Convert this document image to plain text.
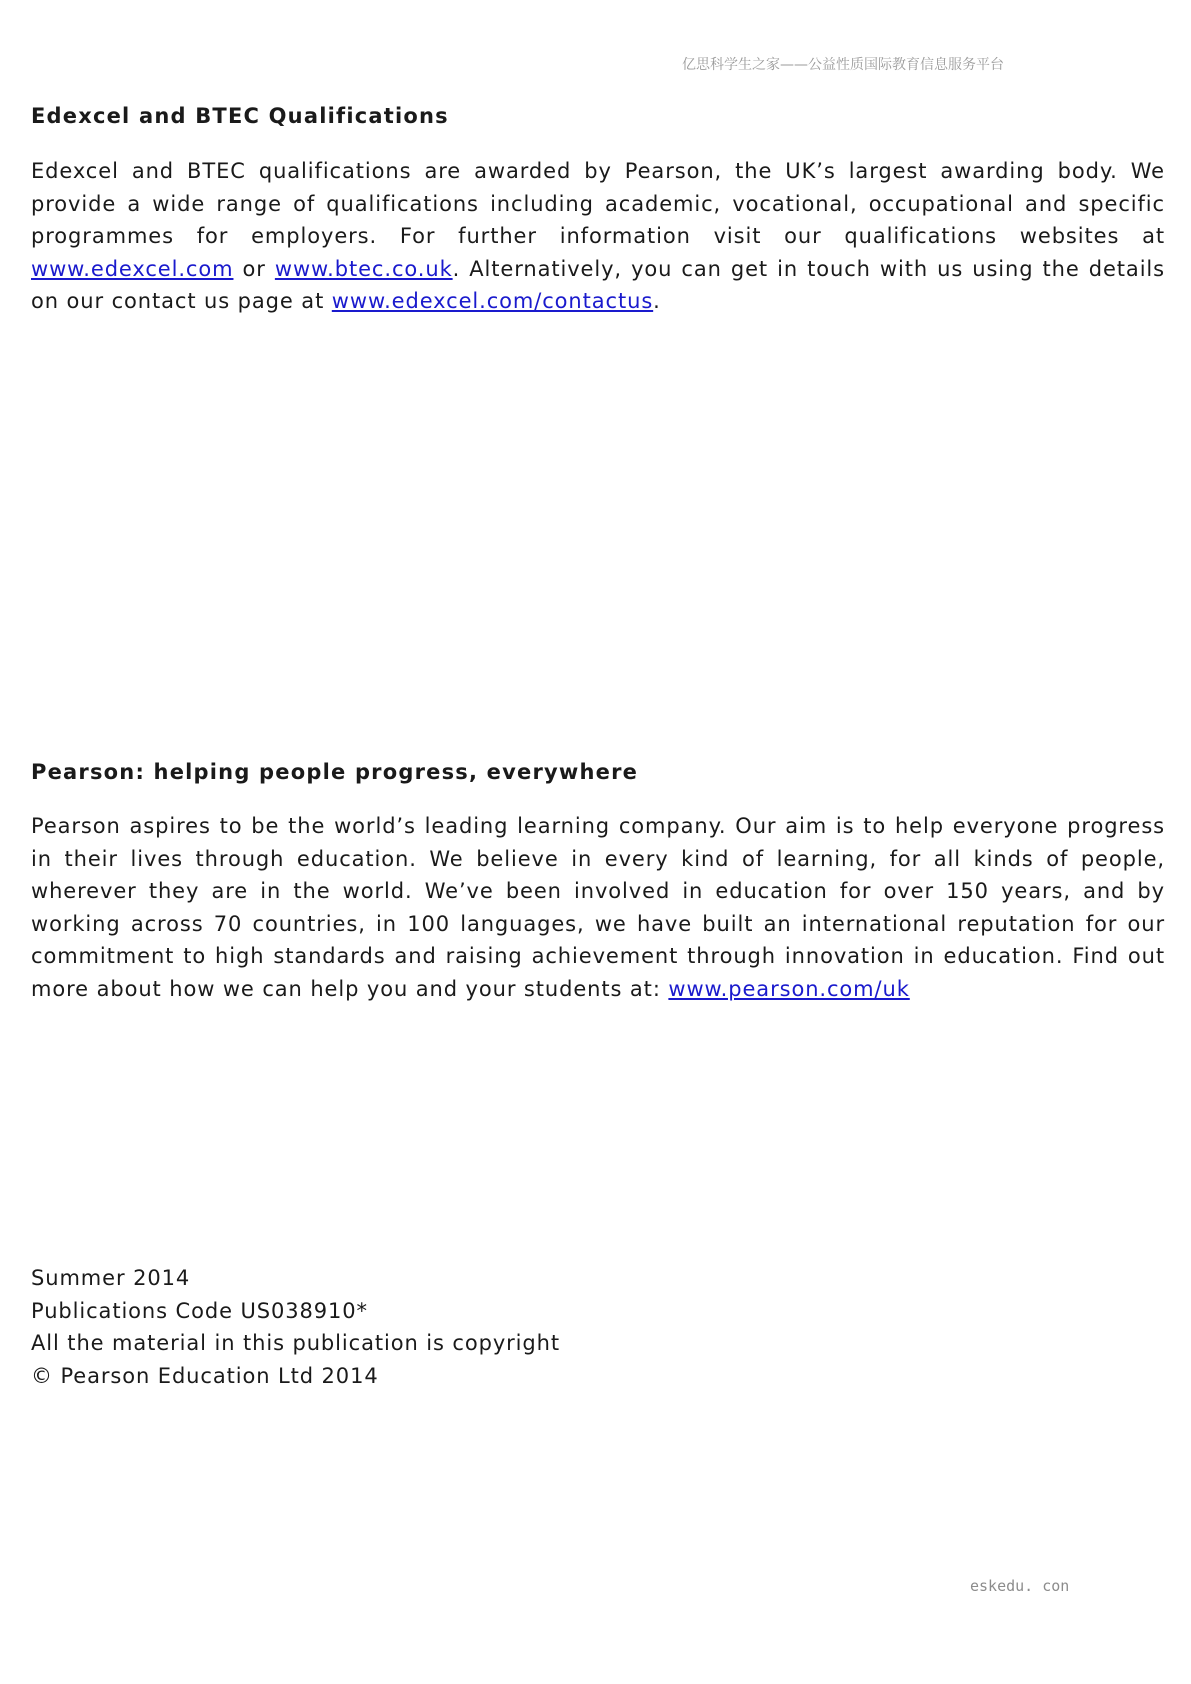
亿思科学生之家——公益性质国际教育信息服务平台
Edexcel and BTEC Qualifications

Edexcel and BTEC qualifications are awarded by Pearson, the UK’s largest awarding body. We provide a wide range of qualifications including academic, vocational, occupational and specific programmes for employers. For further information visit our qualifications websites at www.edexcel.com or www.btec.co.uk. Alternatively, you can get in touch with us using the details on our contact us page at www.edexcel.com/contactus.

Pearson: helping people progress, everywhere

Pearson aspires to be the world’s leading learning company. Our aim is to help everyone progress in their lives through education. We believe in every kind of learning, for all kinds of people, wherever they are in the world. We’ve been involved in education for over 150 years, and by working across 70 countries, in 100 languages, we have built an international reputation for our commitment to high standards and raising achievement through innovation in education. Find out more about how we can help you and your students at: www.pearson.com/uk

Summer 2014
Publications Code US038910*
All the material in this publication is copyright
© Pearson Education Ltd 2014
eskedu. con
